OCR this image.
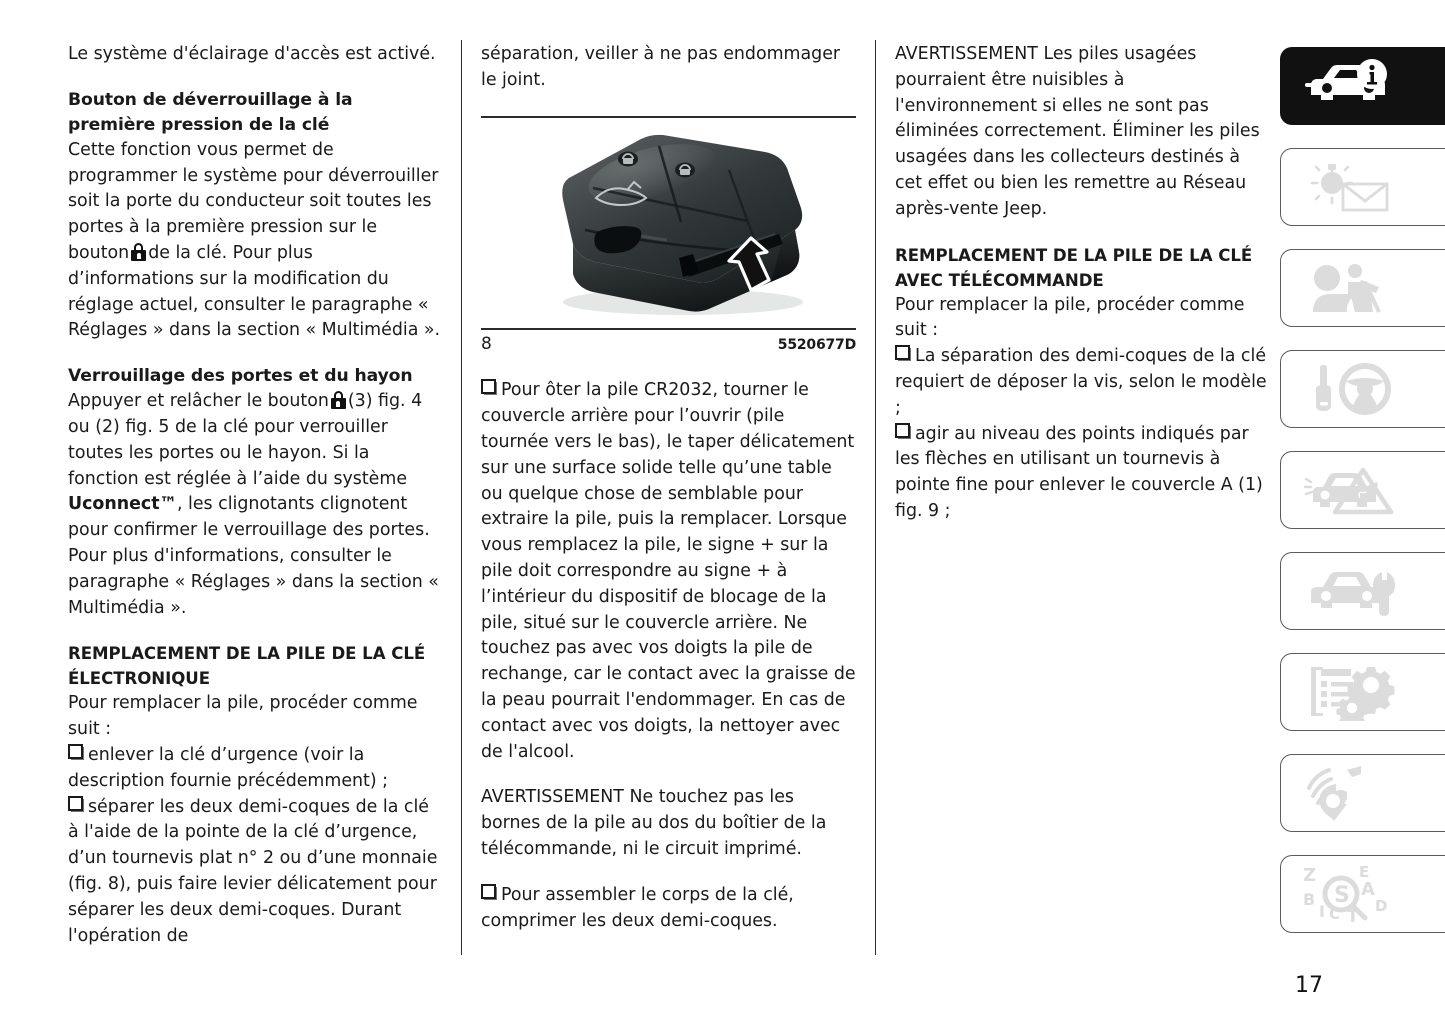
Le système d'éclairage d'accès est activé.

Bouton de déverrouillage à la première pression de la clé

Cette fonction vous permet de programmer le système pour déverrouiller soit la porte du conducteur soit toutes les portes à la première pression sur le bouton de la clé. Pour plus d’informations sur la modification du réglage actuel, consulter le paragraphe « Réglages » dans la section « Multimédia ».

Verrouillage des portes et du hayon

Appuyer et relâcher le bouton (3) fig. 4 ou (2) fig. 5 de la clé pour verrouiller toutes les portes ou le hayon. Si la fonction est réglée à l’aide du système Uconnect™, les clignotants clignotent pour confirmer le verrouillage des portes. Pour plus d'informations, consulter le paragraphe « Réglages » dans la section « Multimédia ».

REMPLACEMENT DE LA PILE DE LA CLÉ ÉLECTRONIQUE

Pour remplacer la pile, procéder comme suit :

enlever la clé d’urgence (voir la description fournie précédemment) ;

séparer les deux demi-coques de la clé à l'aide de la pointe de la clé d’urgence, d’un tournevis plat n° 2 ou d’une monnaie (fig. 8), puis faire levier délicatement pour séparer les deux demi-coques. Durant l'opération de

séparation, veiller à ne pas endommager le joint.

8	5520677D

Pour ôter la pile CR2032, tourner le couvercle arrière pour l’ouvrir (pile tournée vers le bas), le taper délicatement sur une surface solide telle qu’une table ou quelque chose de semblable pour extraire la pile, puis la remplacer. Lorsque vous remplacez la pile, le signe + sur la pile doit correspondre au signe + à l’intérieur du dispositif de blocage de la pile, situé sur le couvercle arrière. Ne touchez pas avec vos doigts la pile de rechange, car le contact avec la graisse de la peau pourrait l'endommager. En cas de contact avec vos doigts, la nettoyer avec de l'alcool.

AVERTISSEMENT Ne touchez pas les bornes de la pile au dos du boîtier de la télécommande, ni le circuit imprimé.

Pour assembler le corps de la clé, comprimer les deux demi-coques.

AVERTISSEMENT Les piles usagées pourraient être nuisibles à l'environnement si elles ne sont pas éliminées correctement. Éliminer les piles usagées dans les collecteurs destinés à cet effet ou bien les remettre au Réseau après-vente Jeep.

REMPLACEMENT DE LA PILE DE LA CLÉ AVEC TÉLÉCOMMANDE

Pour remplacer la pile, procéder comme suit :

La séparation des demi-coques de la clé requiert de déposer la vis, selon le modèle ;

agir au niveau des points indiqués par les flèches en utilisant un tournevis à pointe fine pour enlever le couvercle A (1) fig. 9 ;

Z	E
B	A
I C T
D
S
17
